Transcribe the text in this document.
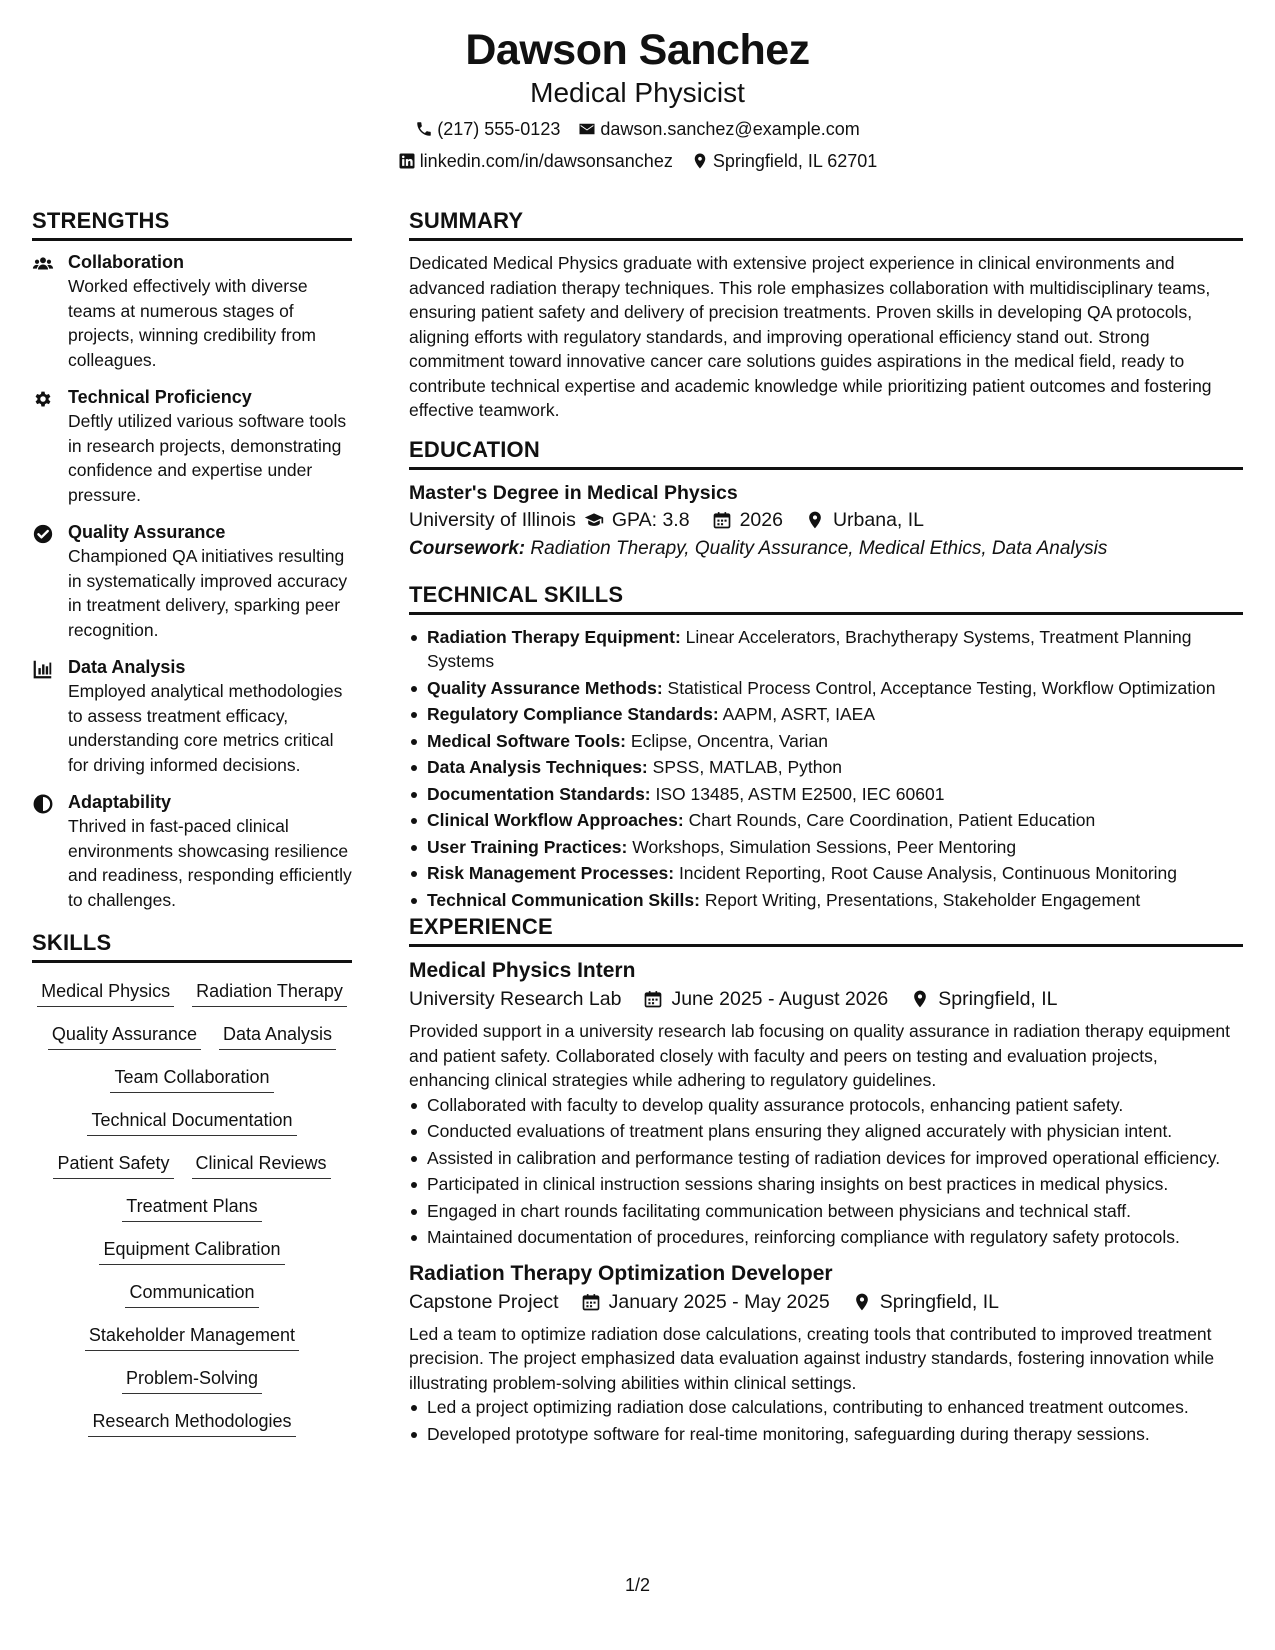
Dawson Sanchez
Medical Physicist
(217) 555-0123 dawson.sanchez@example.com
linkedin.com/in/dawsonsanchez Springfield, IL 62701
STRENGTHS
Collaboration
Worked effectively with diverse teams at numerous stages of projects, winning credibility from colleagues.
Technical Proficiency
Deftly utilized various software tools in research projects, demonstrating confidence and expertise under pressure.
Quality Assurance
Championed QA initiatives resulting in systematically improved accuracy in treatment delivery, sparking peer recognition.
Data Analysis
Employed analytical methodologies to assess treatment efficacy, understanding core metrics critical for driving informed decisions.
Adaptability
Thrived in fast-paced clinical environments showcasing resilience and readiness, responding efficiently to challenges.
SKILLS
Medical Physics Radiation Therapy
Quality Assurance Data Analysis
Team Collaboration
Technical Documentation
Patient Safety Clinical Reviews
Treatment Plans
Equipment Calibration
Communication
Stakeholder Management
Problem-Solving
Research Methodologies
SUMMARY
Dedicated Medical Physics graduate with extensive project experience in clinical environments and advanced radiation therapy techniques. This role emphasizes collaboration with multidisciplinary teams, ensuring patient safety and delivery of precision treatments. Proven skills in developing QA protocols, aligning efforts with regulatory standards, and improving operational efficiency stand out. Strong commitment toward innovative cancer care solutions guides aspirations in the medical field, ready to contribute technical expertise and academic knowledge while prioritizing patient outcomes and fostering effective teamwork.
EDUCATION
Master's Degree in Medical Physics
University of Illinois GPA: 3.8	2026	Urbana, IL
Coursework: Radiation Therapy, Quality Assurance, Medical Ethics, Data Analysis
TECHNICAL SKILLS
Radiation Therapy Equipment: Linear Accelerators, Brachytherapy Systems, Treatment Planning Systems
Quality Assurance Methods: Statistical Process Control, Acceptance Testing, Workflow Optimization
Regulatory Compliance Standards: AAPM, ASRT, IAEA
Medical Software Tools: Eclipse, Oncentra, Varian
Data Analysis Techniques: SPSS, MATLAB, Python
Documentation Standards: ISO 13485, ASTM E2500, IEC 60601
Clinical Workflow Approaches: Chart Rounds, Care Coordination, Patient Education
User Training Practices: Workshops, Simulation Sessions, Peer Mentoring
Risk Management Processes: Incident Reporting, Root Cause Analysis, Continuous Monitoring
Technical Communication Skills: Report Writing, Presentations, Stakeholder Engagement
EXPERIENCE
Medical Physics Intern
University Research Lab	June 2025 - August 2026	Springfield, IL
Provided support in a university research lab focusing on quality assurance in radiation therapy equipment and patient safety. Collaborated closely with faculty and peers on testing and evaluation projects, enhancing clinical strategies while adhering to regulatory guidelines.
Collaborated with faculty to develop quality assurance protocols, enhancing patient safety.
Conducted evaluations of treatment plans ensuring they aligned accurately with physician intent.
Assisted in calibration and performance testing of radiation devices for improved operational efficiency.
Participated in clinical instruction sessions sharing insights on best practices in medical physics.
Engaged in chart rounds facilitating communication between physicians and technical staff.
Maintained documentation of procedures, reinforcing compliance with regulatory safety protocols.
Radiation Therapy Optimization Developer
Capstone Project	January 2025 - May 2025	Springfield, IL
Led a team to optimize radiation dose calculations, creating tools that contributed to improved treatment precision. The project emphasized data evaluation against industry standards, fostering innovation while illustrating problem-solving abilities within clinical settings.
Led a project optimizing radiation dose calculations, contributing to enhanced treatment outcomes.
Developed prototype software for real-time monitoring, safeguarding during therapy sessions.
1/2
